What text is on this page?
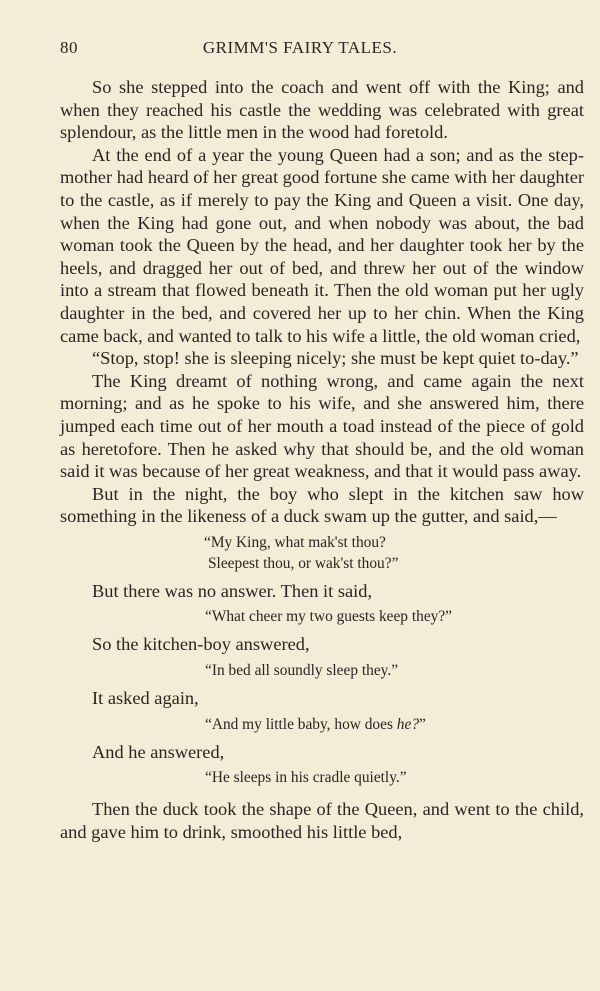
80	GRIMM'S FAIRY TALES.

So she stepped into the coach and went off with the King; and when they reached his castle the wedding was celebrated with great splendour, as the little men in the wood had foretold.

At the end of a year the young Queen had a son; and as the step-mother had heard of her great good fortune she came with her daughter to the castle, as if merely to pay the King and Queen a visit. One day, when the King had gone out, and when nobody was about, the bad woman took the Queen by the head, and her daughter took her by the heels, and dragged her out of bed, and threw her out of the window into a stream that flowed beneath it. Then the old woman put her ugly daughter in the bed, and covered her up to her chin. When the King came back, and wanted to talk to his wife a little, the old woman cried,

“Stop, stop! she is sleeping nicely; she must be kept quiet to-day.”

The King dreamt of nothing wrong, and came again the next morning; and as he spoke to his wife, and she answered him, there jumped each time out of her mouth a toad instead of the piece of gold as heretofore. Then he asked why that should be, and the old woman said it was because of her great weakness, and that it would pass away.

But in the night, the boy who slept in the kitchen saw how something in the likeness of a duck swam up the gutter, and said,—

“My King, what mak'st thou?
Sleepest thou, or wak'st thou?”

But there was no answer. Then it said,

“What cheer my two guests keep they?”

So the kitchen-boy answered,

“In bed all soundly sleep they.”

It asked again,

“And my little baby, how does he?”

And he answered,

“He sleeps in his cradle quietly.”

Then the duck took the shape of the Queen, and went to the child, and gave him to drink, smoothed his little bed,
